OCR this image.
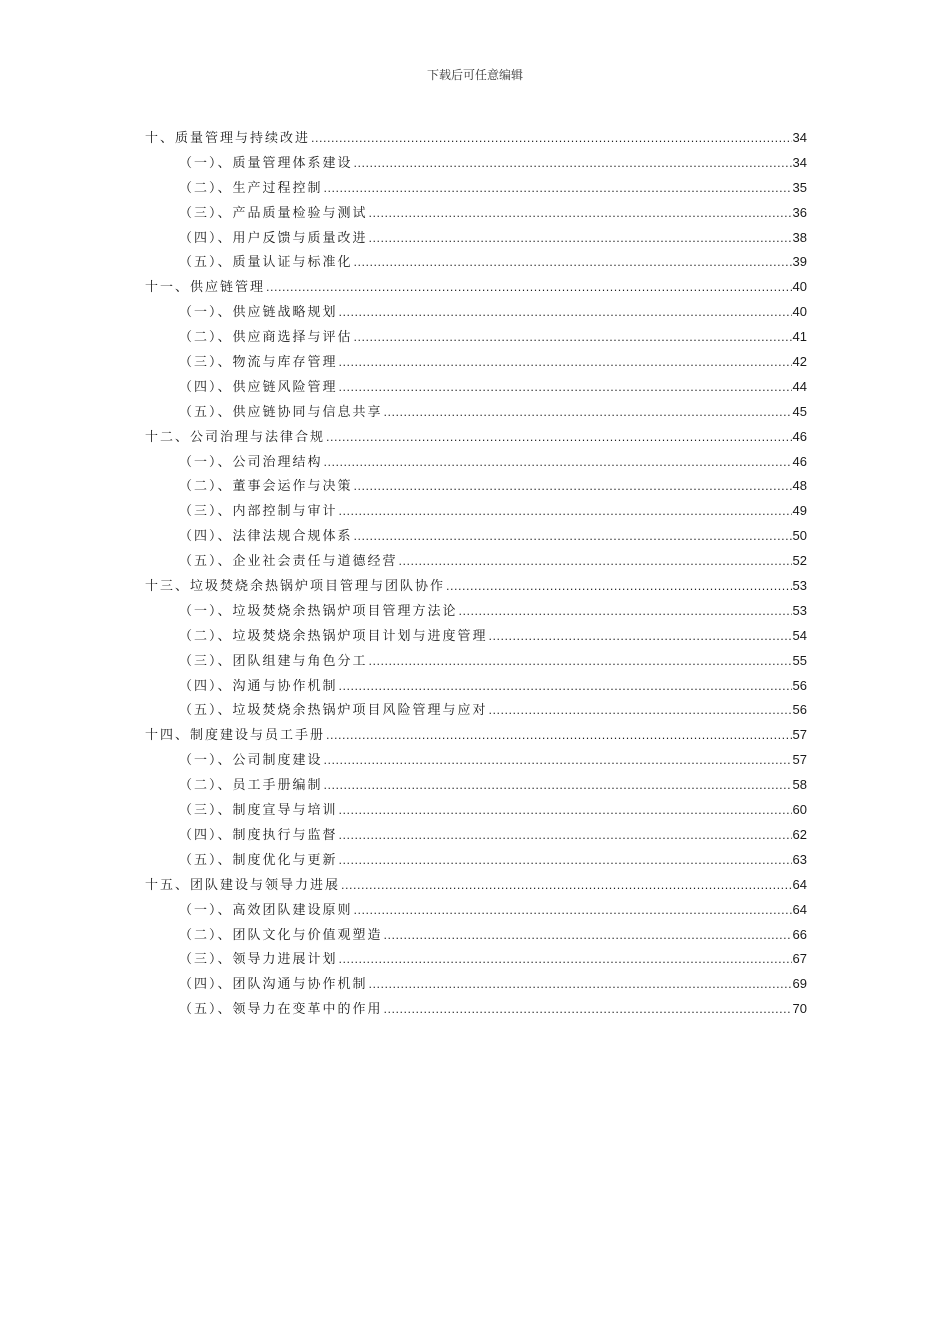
下载后可任意编辑
十、质量管理与持续改进 .....	34
（一）、质量管理体系建设 .....	34
（二）、生产过程控制 .....	35
（三）、产品质量检验与测试 .....	36
（四）、用户反馈与质量改进 .....	38
（五）、质量认证与标准化 .....	39
十一、供应链管理 .....	40
（一）、供应链战略规划 .....	40
（二）、供应商选择与评估 .....	41
（三）、物流与库存管理 .....	42
（四）、供应链风险管理 .....	44
（五）、供应链协同与信息共享 .....	45
十二、公司治理与法律合规 .....	46
（一）、公司治理结构 .....	46
（二）、董事会运作与决策 .....	48
（三）、内部控制与审计 .....	49
（四）、法律法规合规体系 .....	50
（五）、企业社会责任与道德经营 .....	52
十三、垃圾焚烧余热锅炉项目管理与团队协作 .....	53
（一）、垃圾焚烧余热锅炉项目管理方法论 .....	53
（二）、垃圾焚烧余热锅炉项目计划与进度管理 .....	54
（三）、团队组建与角色分工 .....	55
（四）、沟通与协作机制 .....	56
（五）、垃圾焚烧余热锅炉项目风险管理与应对 .....	56
十四、制度建设与员工手册 .....	57
（一）、公司制度建设 .....	57
（二）、员工手册编制 .....	58
（三）、制度宣导与培训 .....	60
（四）、制度执行与监督 .....	62
（五）、制度优化与更新 .....	63
十五、团队建设与领导力进展 .....	64
（一）、高效团队建设原则 .....	64
（二）、团队文化与价值观塑造 .....	66
（三）、领导力进展计划 .....	67
（四）、团队沟通与协作机制 .....	69
（五）、领导力在变革中的作用 .....	70
